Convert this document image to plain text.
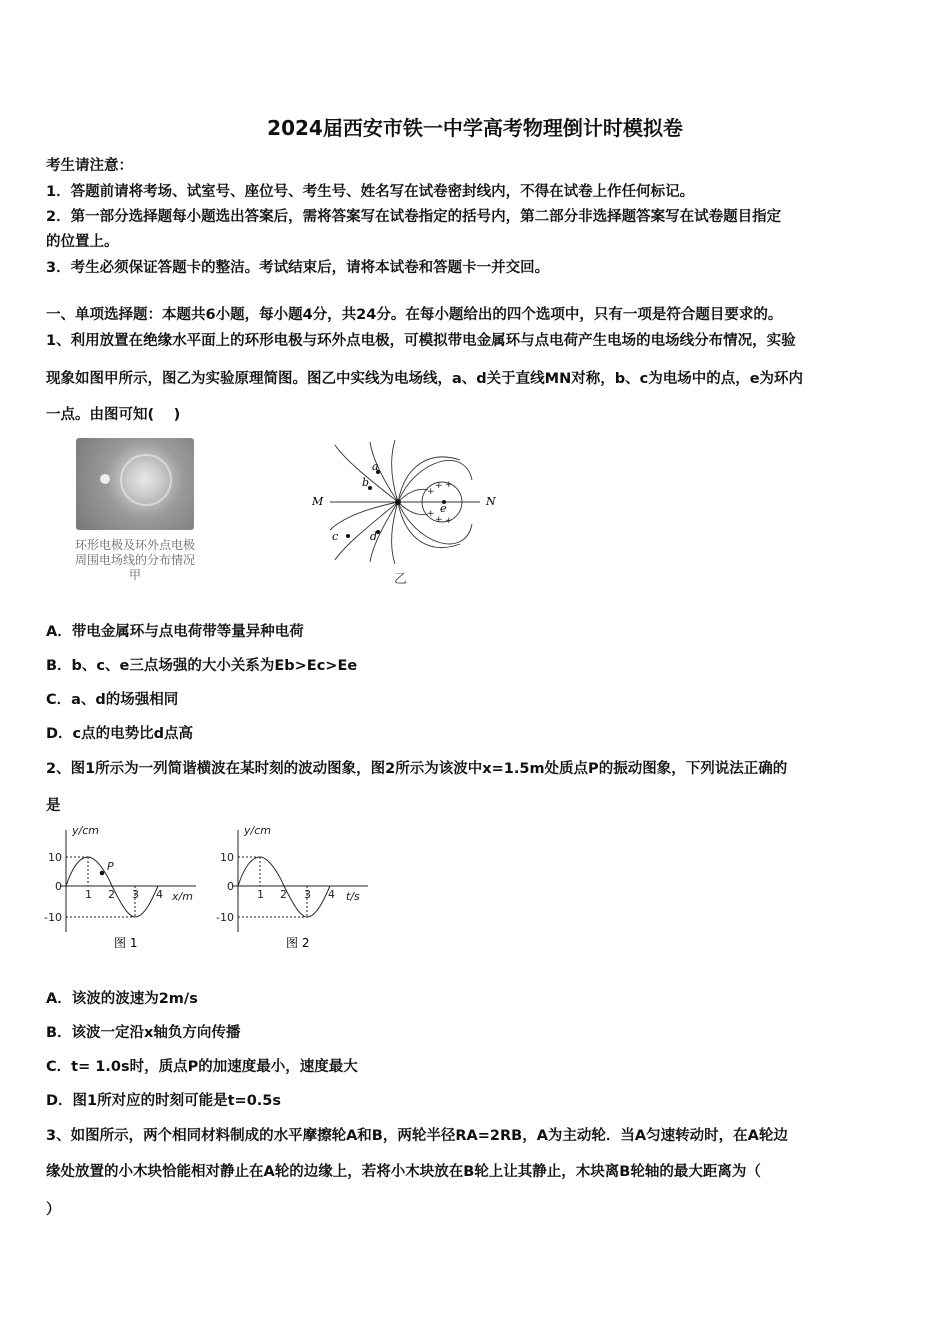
2024届西安市铁一中学高考物理倒计时模拟卷
考生请注意：
1．答题前请将考场、试室号、座位号、考生号、姓名写在试卷密封线内，不得在试卷上作任何标记。
2．第一部分选择题每小题选出答案后，需将答案写在试卷指定的括号内，第二部分非选择题答案写在试卷题目指定
的位置上。
3．考生必须保证答题卡的整洁。考试结束后，请将本试卷和答题卡一并交回。
一、单项选择题：本题共6小题，每小题4分，共24分。在每小题给出的四个选项中，只有一项是符合题目要求的。
1、利用放置在绝缘水平面上的环形电极与环外点电极，可模拟带电金属环与点电荷产生电场的电场线分布情况，实验
现象如图甲所示，图乙为实验原理简图。图乙中实线为电场线，a、d关于直线MN对称，b、c为电场中的点，e为环内
一点。由图可知(　 )
环形电极及环外点电极
周围电场线的分布情况
甲
+
+ +
+
+ +
M	N
a
b
c	d
e
乙
A．带电金属环与点电荷带等量异种电荷
B．b、c、e三点场强的大小关系为Eb>Ec>Ee
C．a、d的场强相同
D．c点的电势比d点高
2、图1所示为一列简谐横波在某时刻的波动图象，图2所示为该波中x=1.5m处质点P的振动图象，下列说法正确的
是
y/cm
10
0
-10
1 2 3 4 x/m
P
图 1
y/cm
10
0
-10
1 2 3 4 t/s
图 2
A．该波的波速为2m/s
B．该波一定沿x轴负方向传播
C．t= 1.0s时，质点P的加速度最小，速度最大
D．图1所对应的时刻可能是t=0.5s
3、如图所示，两个相同材料制成的水平摩擦轮A和B，两轮半径RA=2RB，A为主动轮．当A匀速转动时，在A轮边
缘处放置的小木块恰能相对静止在A轮的边缘上，若将小木块放在B轮上让其静止，木块离B轮轴的最大距离为（
）
